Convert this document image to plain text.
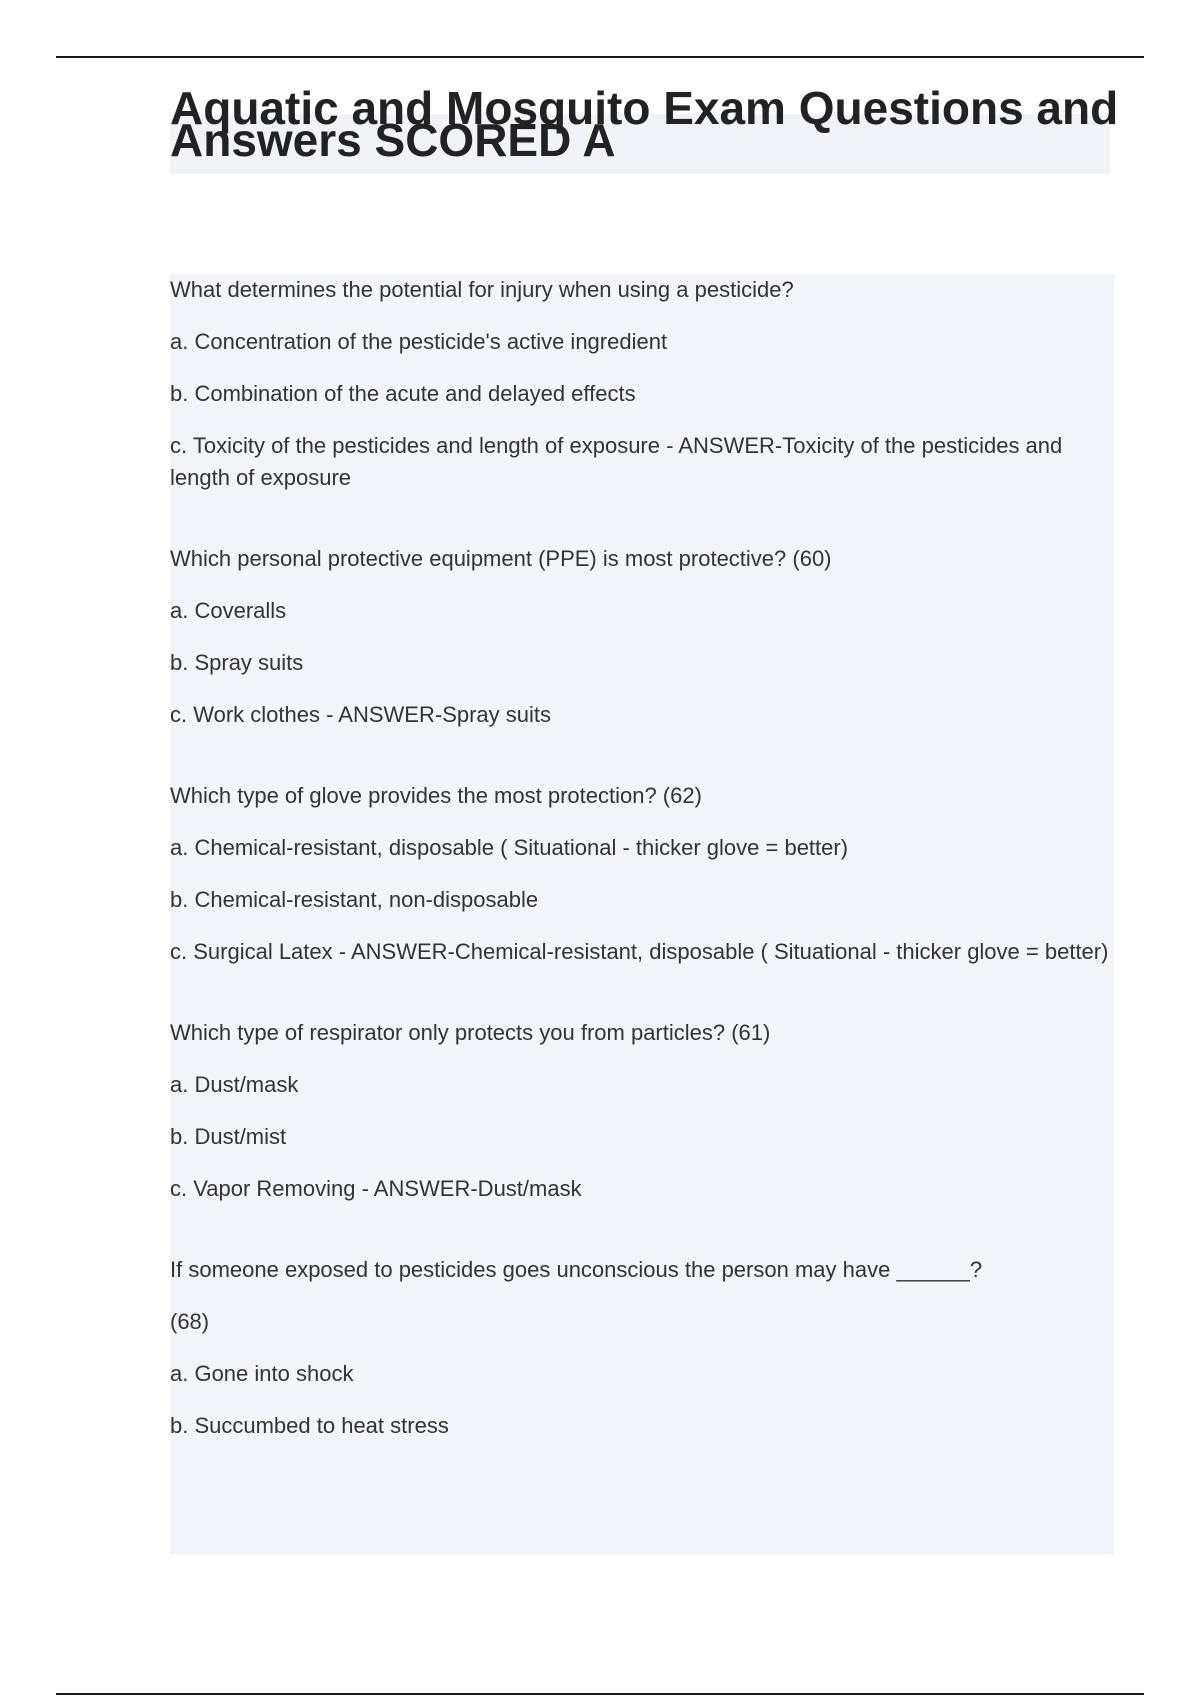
Aquatic and Mosquito Exam Questions and Answers SCORED A

What determines the potential for injury when using a pesticide?

a. Concentration of the pesticide's active ingredient

b. Combination of the acute and delayed effects

c. Toxicity of the pesticides and length of exposure - ANSWER-Toxicity of the pesticides and length of exposure

Which personal protective equipment (PPE) is most protective? (60)

a. Coveralls

b. Spray suits

c. Work clothes - ANSWER-Spray suits

Which type of glove provides the most protection? (62)

a. Chemical-resistant, disposable ( Situational - thicker glove = better)

b. Chemical-resistant, non-disposable

c. Surgical Latex - ANSWER-Chemical-resistant, disposable ( Situational - thicker glove = better)

Which type of respirator only protects you from particles? (61)

a. Dust/mask

b. Dust/mist

c. Vapor Removing - ANSWER-Dust/mask

If someone exposed to pesticides goes unconscious the person may have ______?

(68)

a. Gone into shock

b. Succumbed to heat stress
